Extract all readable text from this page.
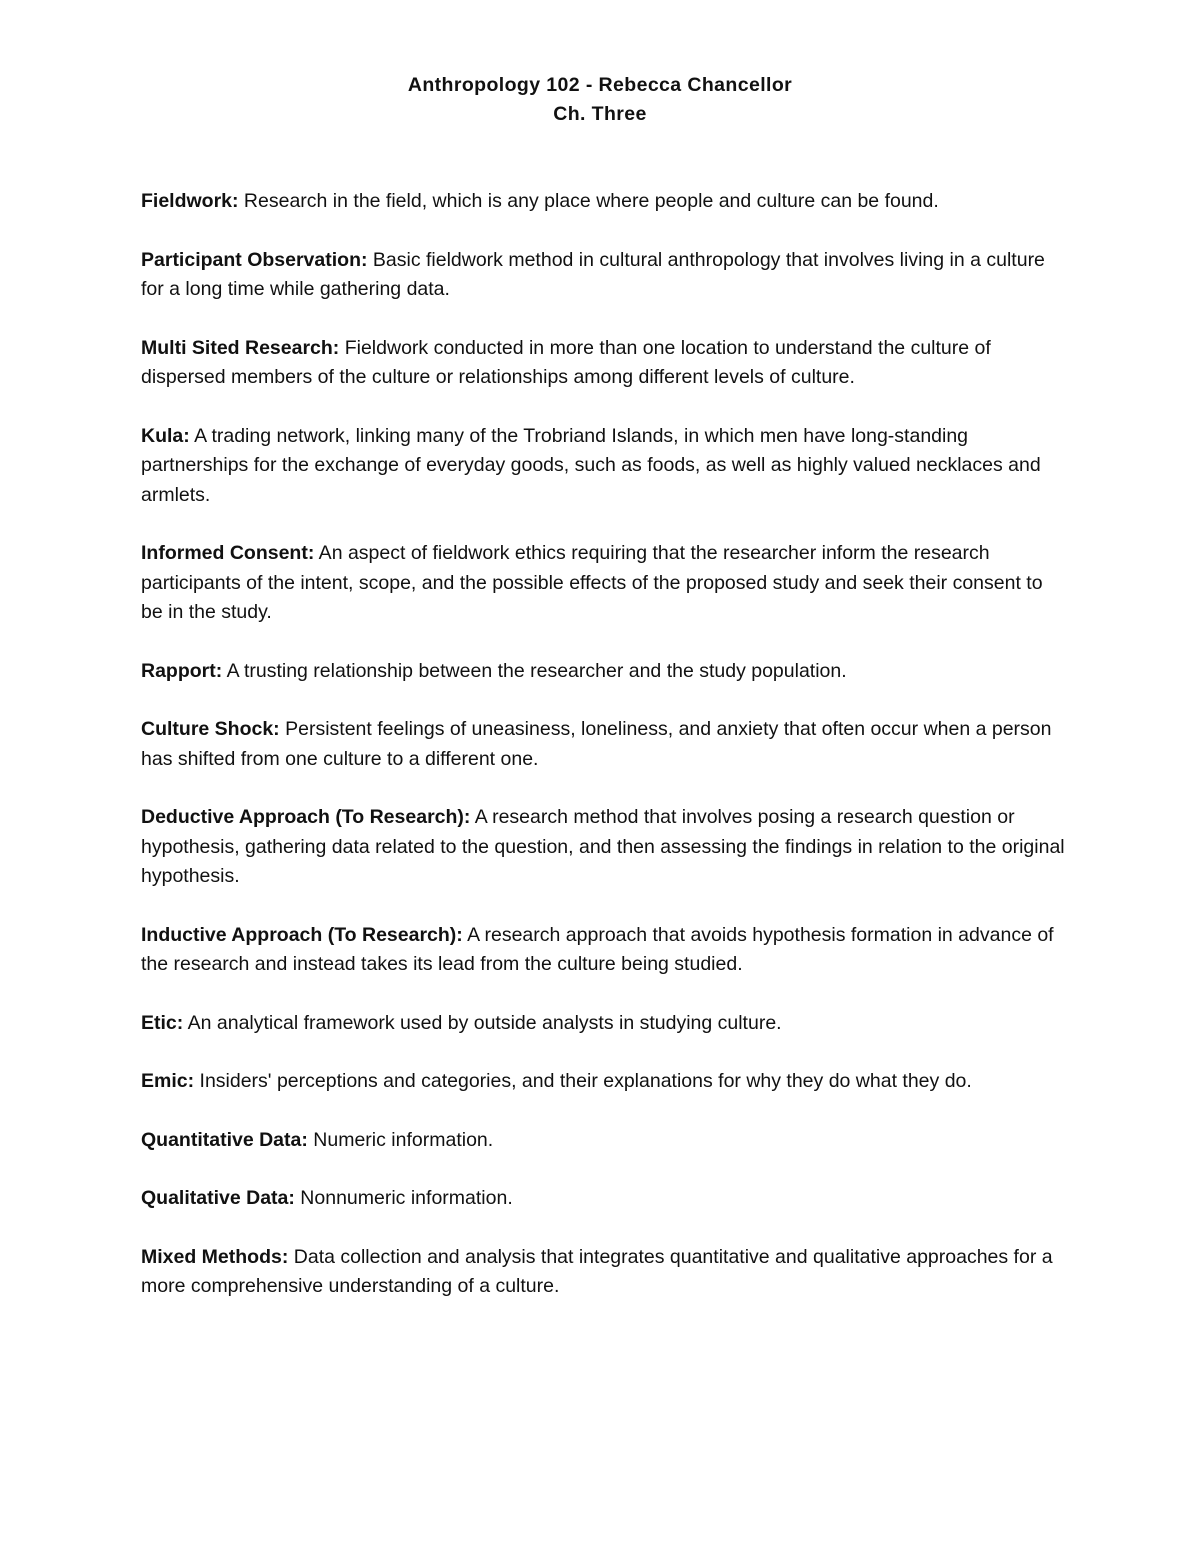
Anthropology 102 - Rebecca Chancellor
Ch. Three
Fieldwork: Research in the field, which is any place where people and culture can be found.
Participant Observation: Basic fieldwork method in cultural anthropology that involves living in a culture for a long time while gathering data.
Multi Sited Research: Fieldwork conducted in more than one location to understand the culture of dispersed members of the culture or relationships among different levels of culture.
Kula: A trading network, linking many of the Trobriand Islands, in which men have long-standing partnerships for the exchange of everyday goods, such as foods, as well as highly valued necklaces and armlets.
Informed Consent: An aspect of fieldwork ethics requiring that the researcher inform the research participants of the intent, scope, and the possible effects of the proposed study and seek their consent to be in the study.
Rapport: A trusting relationship between the researcher and the study population.
Culture Shock: Persistent feelings of uneasiness, loneliness, and anxiety that often occur when a person has shifted from one culture to a different one.
Deductive Approach (To Research): A research method that involves posing a research question or hypothesis, gathering data related to the question, and then assessing the findings in relation to the original hypothesis.
Inductive Approach (To Research): A research approach that avoids hypothesis formation in advance of the research and instead takes its lead from the culture being studied.
Etic: An analytical framework used by outside analysts in studying culture.
Emic: Insiders' perceptions and categories, and their explanations for why they do what they do.
Quantitative Data: Numeric information.
Qualitative Data: Nonnumeric information.
Mixed Methods: Data collection and analysis that integrates quantitative and qualitative approaches for a more comprehensive understanding of a culture.
